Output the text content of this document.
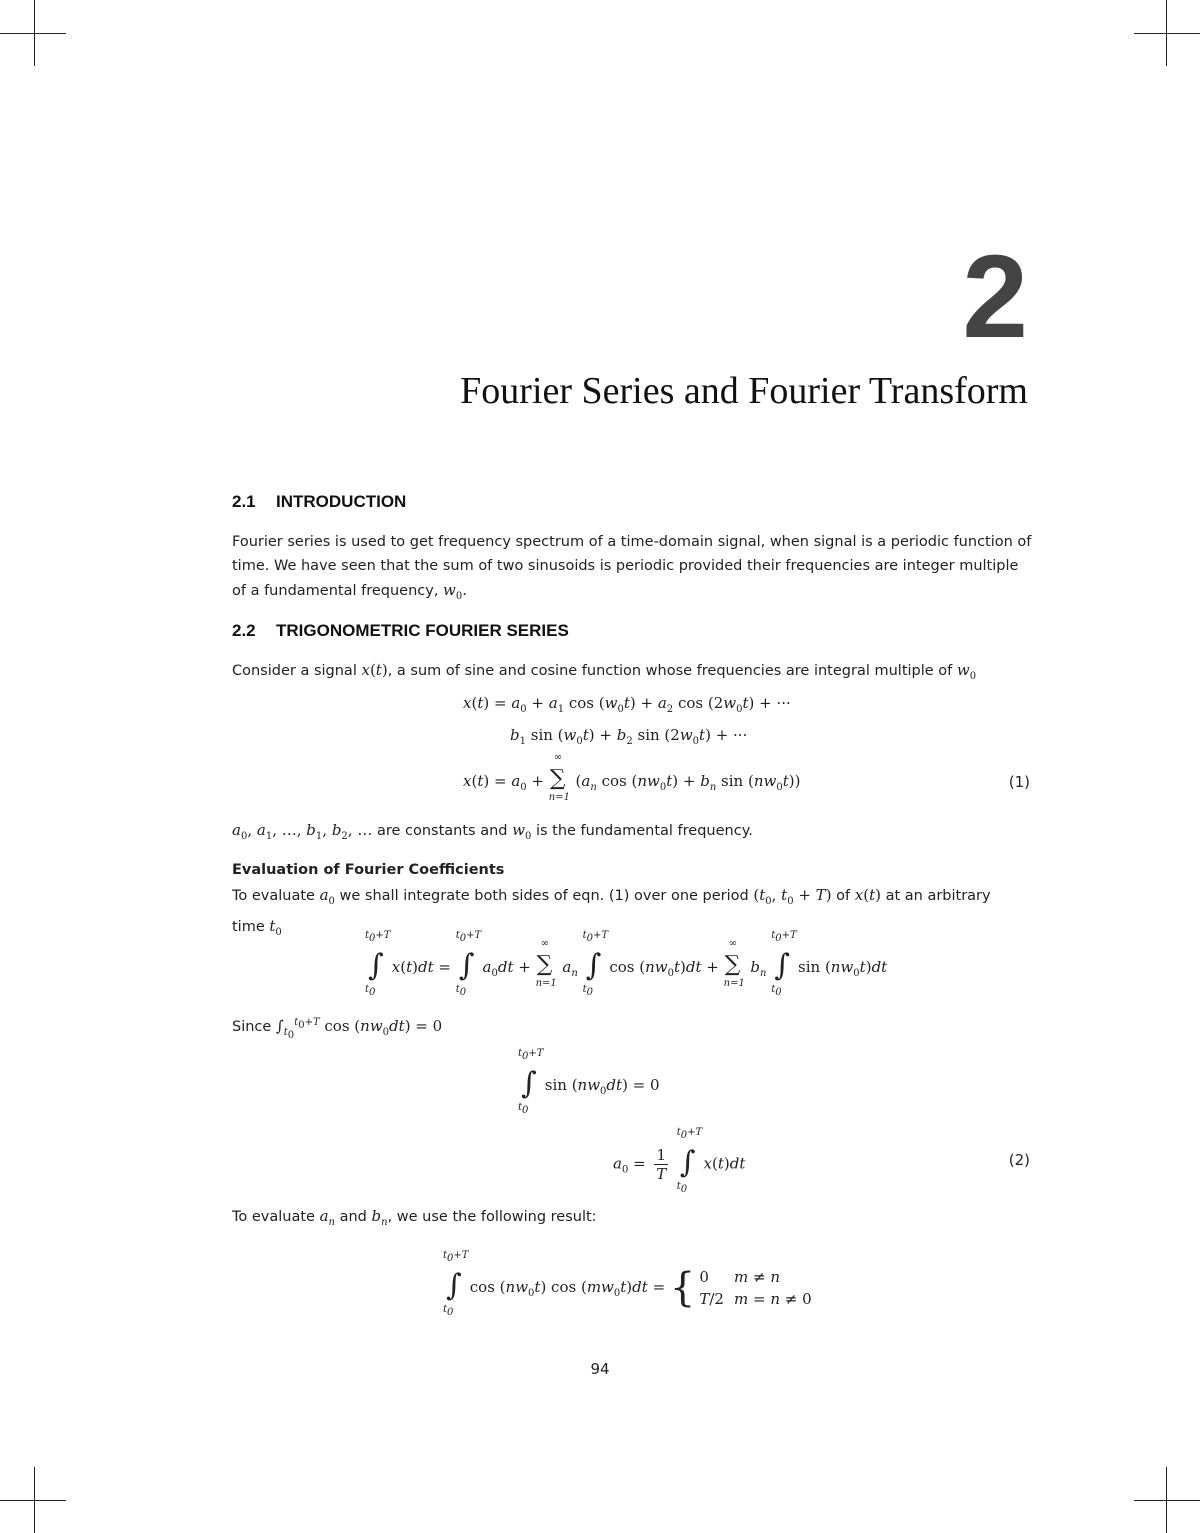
2
Fourier Series and Fourier Transform
2.1 INTRODUCTION
Fourier series is used to get frequency spectrum of a time-domain signal, when signal is a periodic function of
time. We have seen that the sum of two sinusoids is periodic provided their frequencies are integer multiple
of a fundamental frequency, $w_0$.
2.2 TRIGONOMETRIC FOURIER SERIES
Consider a signal x(t), a sum of sine and cosine function whose frequencies are integral multiple of $w_0$
$x(t) = a_0 + a_1$ $\cos (w_0t) + a_2$ $\cos (2w_0t)$ + ···
$b_1$ $\sin (w_0t) + b_2$ $\sin (2w_0t)$ + ···
$x(t) = a_0$ +
∞
∑
n=1
($a_n$ $\cos (nw_0t) + b_n$ $\sin (nw_0t)$)	(1)
$a_0$, $a_1$, …, $b_1$, $b_2$, … are constants and $w_0$ is the fundamental frequency.
Evaluation of Fourier Coefficients
To evaluate $a_0$ we shall integrate both sides of eqn. (1) over one period ($t_0$, $t_0 + T$) of x(t) at an arbitrary
time $t_0$	$t_0+T$
∫
$t_0$
x(t)dt =
$t_0+T$
∫
$t_0$
$a_0dt$ +
∞
∑
n=1
$a_n$
$t_0+T$
∫
$t_0$
$\cos (nw_0t)dt$ +
∞
∑
n=1
$b_n$
$t_0+T$
∫
$t_0$
$\sin (nw_0t)dt$
Since $\int_{t_0}^{t_0+T}$ $\cos (nw_0dt) = 0$
$t_0+T$
∫
$t_0$
$\sin (nw_0dt) = 0$
$a_0 = \frac{1}{T}$

$t_0+T$
∫
$t_0$
x(t)dt	(2)
To evaluate $a_n$ and $b_n$, we use the following result:
$t_0+T$
∫
$t_0$
$\cos (nw_0t)$ $\cos (mw_0t)dt$ = { 0	m ≠ n
T/2	m = n ≠ 0
94
